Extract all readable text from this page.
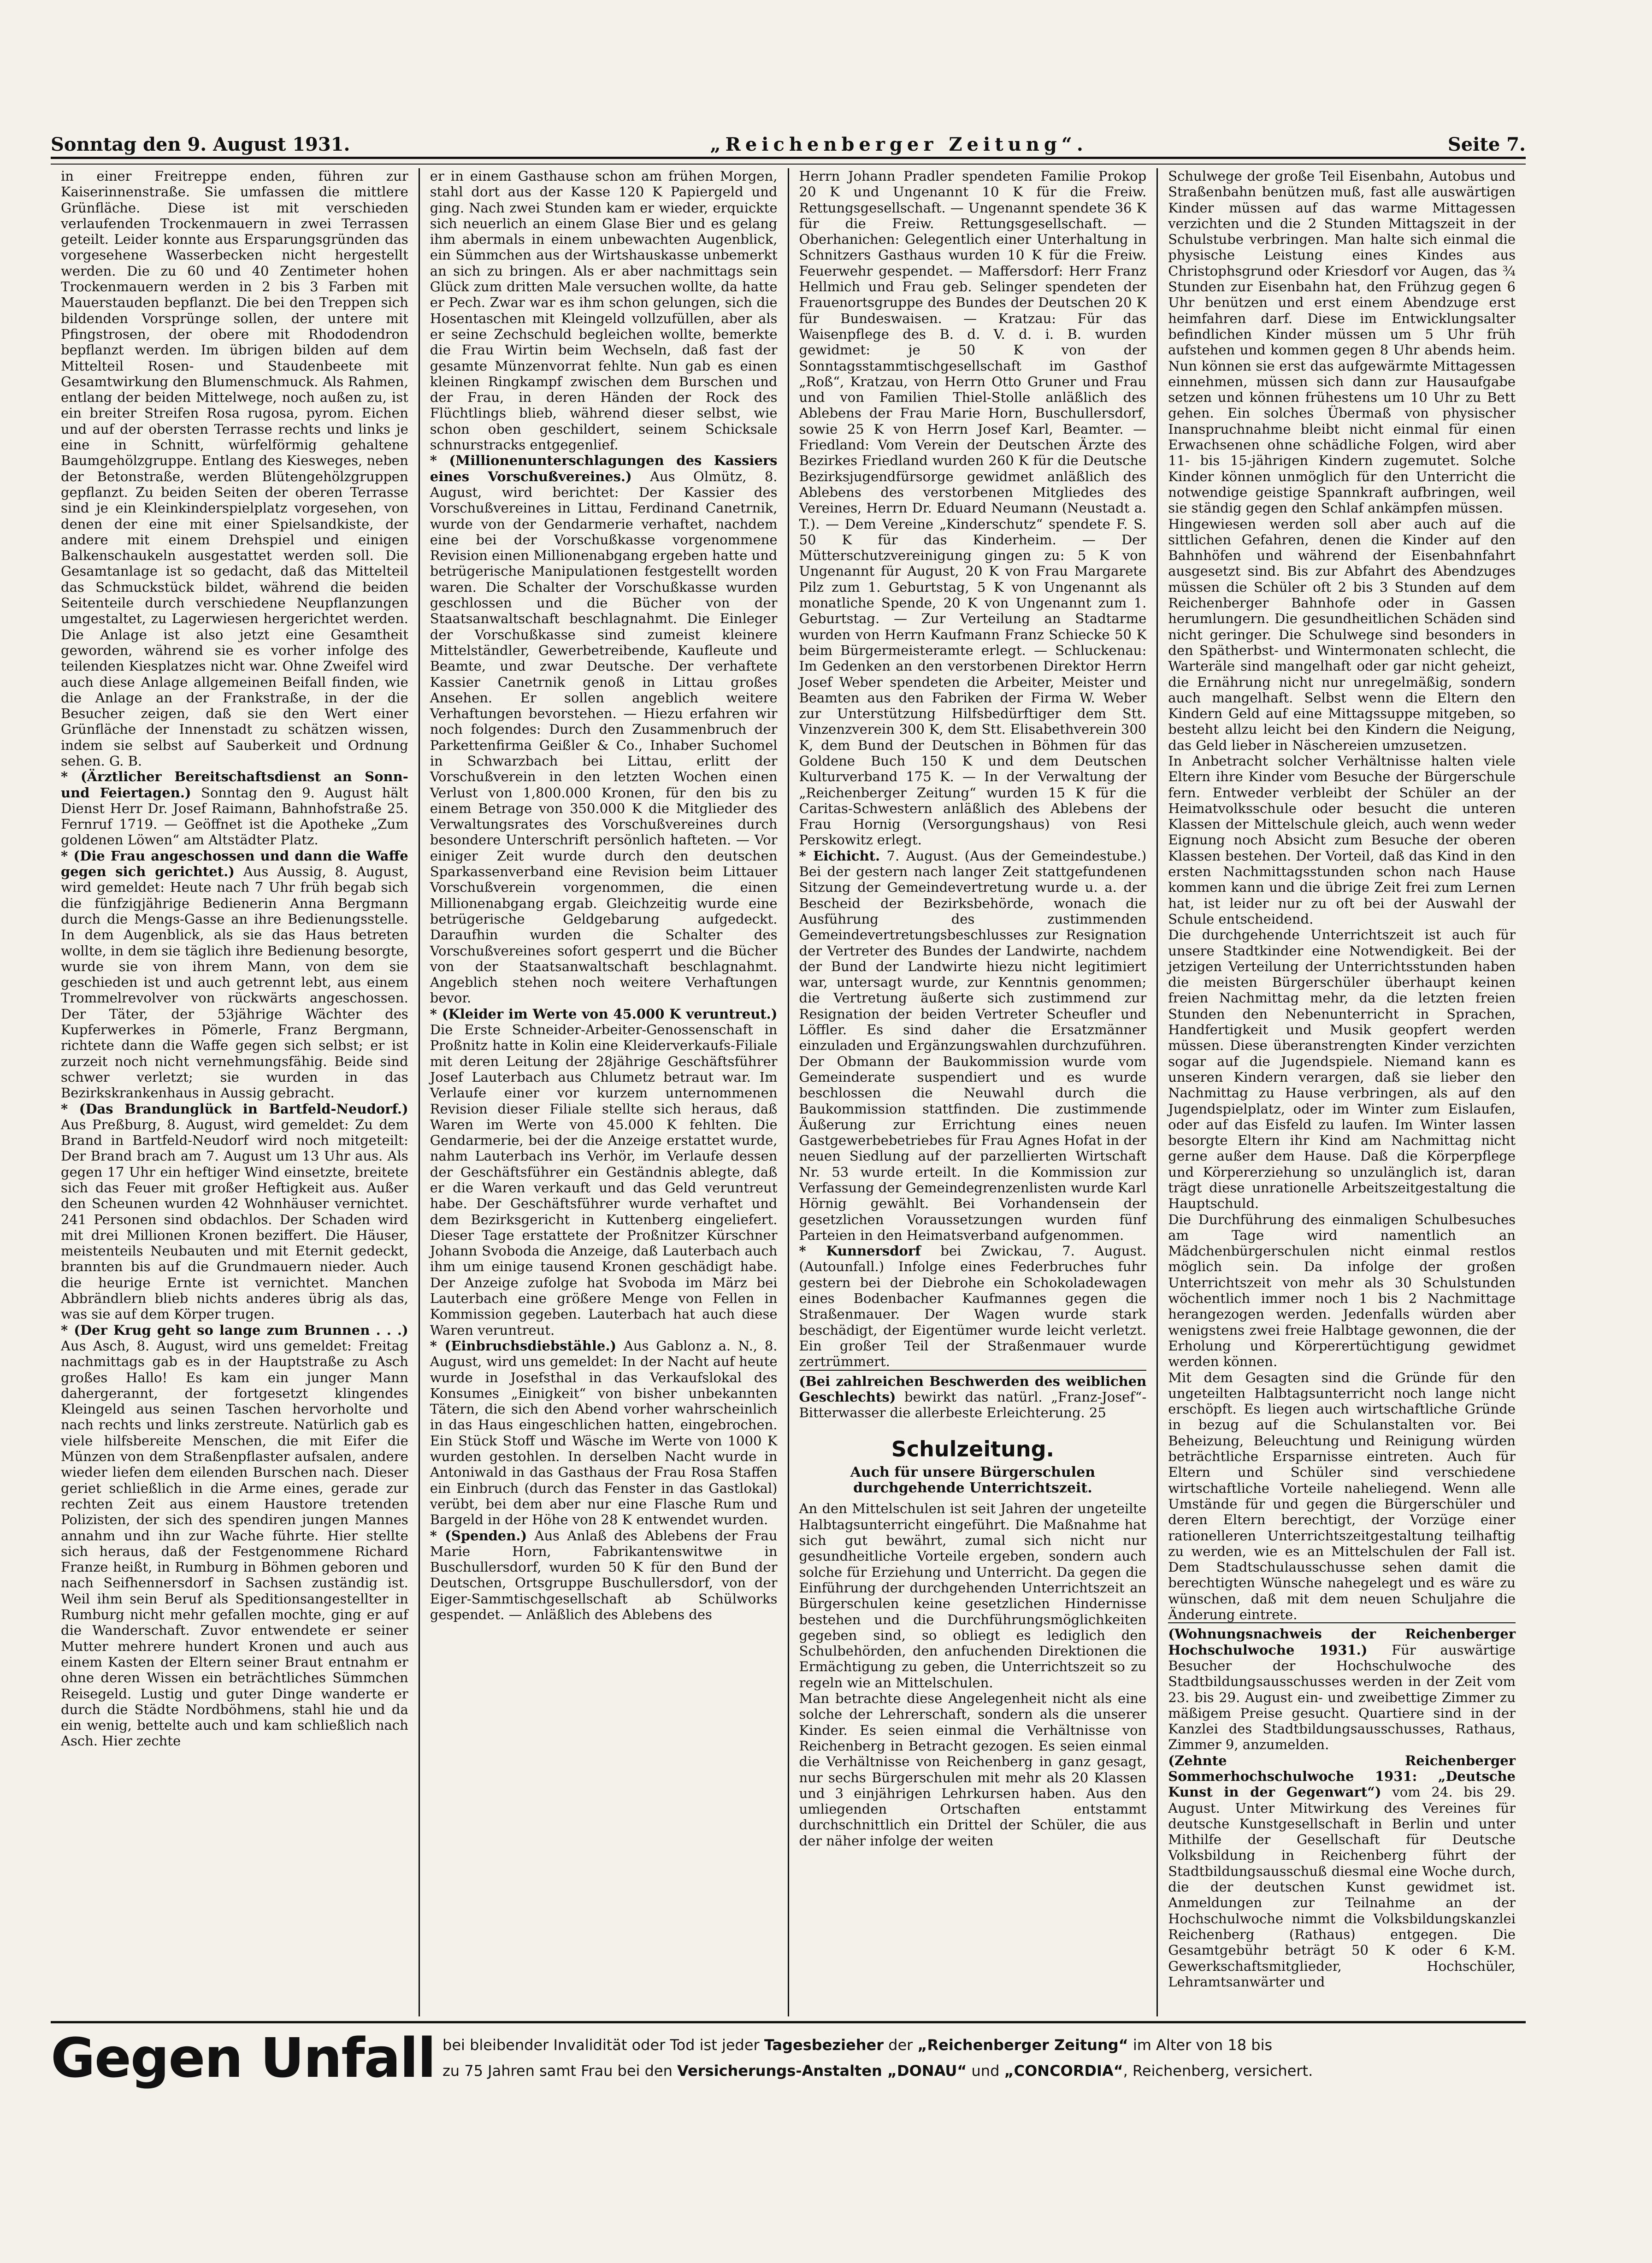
Sonntag den 9. August 1931.	„Reichenberger Zeitung“.	Seite 7.

in einer Freitreppe enden, führen zur Kaiserinnenstraße. Sie umfassen die mittlere Grünfläche. Diese ist mit verschieden verlaufenden Trockenmauern in zwei Terrassen geteilt. Leider konnte aus Ersparungsgründen das vorgesehene Wasserbecken nicht hergestellt werden. Die zu 60 und 40 Zentimeter hohen Trockenmauern werden in 2 bis 3 Farben mit Mauerstauden bepflanzt. Die bei den Treppen sich bildenden Vorsprünge sollen, der untere mit Pfingstrosen, der obere mit Rhododendron bepflanzt werden. Im übrigen bilden auf dem Mittelteil Rosen- und Staudenbeete mit Gesamtwirkung den Blumenschmuck. Als Rahmen, entlang der beiden Mittelwege, noch außen zu, ist ein breiter Streifen Rosa rugosa, pyrom. Eichen und auf der obersten Terrasse rechts und links je eine in Schnitt, würfelförmig gehaltene Baumgehölzgruppe. Entlang des Kiesweges, neben der Betonstraße, werden Blütengehölzgruppen gepflanzt. Zu beiden Seiten der oberen Terrasse sind je ein Kleinkinderspielplatz vorgesehen, von denen der eine mit einer Spielsandkiste, der andere mit einem Drehspiel und einigen Balkenschaukeln ausgestattet werden soll. Die Gesamtanlage ist so gedacht, daß das Mittelteil das Schmuckstück bildet, während die beiden Seitenteile durch verschiedene Neupflanzungen umgestaltet, zu Lagerwiesen hergerichtet werden. Die Anlage ist also jetzt eine Gesamtheit geworden, während sie es vorher infolge des teilenden Kiesplatzes nicht war. Ohne Zweifel wird auch diese Anlage allgemeinen Beifall finden, wie die Anlage an der Frankstraße, in der die Besucher zeigen, daß sie den Wert einer Grünfläche der Innenstadt zu schätzen wissen, indem sie selbst auf Sauberkeit und Ordnung sehen. G. B.

* (Ärztlicher Bereitschaftsdienst an Sonn- und Feiertagen.) Sonntag den 9. August hält Dienst Herr Dr. Josef Raimann, Bahnhofstraße 25. Fernruf 1719. — Geöffnet ist die Apotheke „Zum goldenen Löwen“ am Altstädter Platz.

* (Die Frau angeschossen und dann die Waffe gegen sich gerichtet.) Aus Aussig, 8. August, wird gemeldet: Heute nach 7 Uhr früh begab sich die fünfzigjährige Bedienerin Anna Bergmann durch die Mengs-Gasse an ihre Bedienungsstelle. In dem Augenblick, als sie das Haus betreten wollte, in dem sie täglich ihre Bedienung besorgte, wurde sie von ihrem Mann, von dem sie geschieden ist und auch getrennt lebt, aus einem Trommelrevolver von rückwärts angeschossen. Der Täter, der 53jährige Wächter des Kupferwerkes in Pömerle, Franz Bergmann, richtete dann die Waffe gegen sich selbst; er ist zurzeit noch nicht vernehmungsfähig. Beide sind schwer verletzt; sie wurden in das Bezirkskrankenhaus in Aussig gebracht.

* (Das Brandunglück in Bartfeld-Neudorf.) Aus Preßburg, 8. August, wird gemeldet: Zu dem Brand in Bartfeld-Neudorf wird noch mitgeteilt: Der Brand brach am 7. August um 13 Uhr aus. Als gegen 17 Uhr ein heftiger Wind einsetzte, breitete sich das Feuer mit großer Heftigkeit aus. Außer den Scheunen wurden 42 Wohnhäuser vernichtet. 241 Personen sind obdachlos. Der Schaden wird mit drei Millionen Kronen beziffert. Die Häuser, meistenteils Neubauten und mit Eternit gedeckt, brannten bis auf die Grundmauern nieder. Auch die heurige Ernte ist vernichtet. Manchen Abbrändlern blieb nichts anderes übrig als das, was sie auf dem Körper trugen.

* (Der Krug geht so lange zum Brunnen . . .) Aus Asch, 8. August, wird uns gemeldet: Freitag nachmittags gab es in der Hauptstraße zu Asch großes Hallo! Es kam ein junger Mann dahergerannt, der fortgesetzt klingendes Kleingeld aus seinen Taschen hervorholte und nach rechts und links zerstreute. Natürlich gab es viele hilfsbereite Menschen, die mit Eifer die Münzen von dem Straßenpflaster aufsalen, andere wieder liefen dem eilenden Burschen nach. Dieser geriet schließlich in die Arme eines, gerade zur rechten Zeit aus einem Haustore tretenden Polizisten, der sich des spendiren jungen Mannes annahm und ihn zur Wache führte. Hier stellte sich heraus, daß der Festgenommene Richard Franze heißt, in Rumburg in Böhmen geboren und nach Seifhennersdorf in Sachsen zuständig ist. Weil ihm sein Beruf als Speditionsangestellter in Rumburg nicht mehr gefallen mochte, ging er auf die Wanderschaft. Zuvor entwendete er seiner Mutter mehrere hundert Kronen und auch aus einem Kasten der Eltern seiner Braut entnahm er ohne deren Wissen ein beträchtliches Sümmchen Reisegeld. Lustig und guter Dinge wanderte er durch die Städte Nordböhmens, stahl hie und da ein wenig, bettelte auch und kam schließlich nach Asch. Hier zechte

er in einem Gasthause schon am frühen Morgen, stahl dort aus der Kasse 120 K Papiergeld und ging. Nach zwei Stunden kam er wieder, erquickte sich neuerlich an einem Glase Bier und es gelang ihm abermals in einem unbewachten Augenblick, ein Sümmchen aus der Wirtshauskasse unbemerkt an sich zu bringen. Als er aber nachmittags sein Glück zum dritten Male versuchen wollte, da hatte er Pech. Zwar war es ihm schon gelungen, sich die Hosentaschen mit Kleingeld vollzufüllen, aber als er seine Zechschuld begleichen wollte, bemerkte die Frau Wirtin beim Wechseln, daß fast der gesamte Münzenvorrat fehlte. Nun gab es einen kleinen Ringkampf zwischen dem Burschen und der Frau, in deren Händen der Rock des Flüchtlings blieb, während dieser selbst, wie schon oben geschildert, seinem Schicksale schnurstracks entgegenlief.

* (Millionenunterschlagungen des Kassiers eines Vorschußvereines.) Aus Olmütz, 8. August, wird berichtet: Der Kassier des Vorschußvereines in Littau, Ferdinand Canetrnik, wurde von der Gendarmerie verhaftet, nachdem eine bei der Vorschußkasse vorgenommene Revision einen Millionenabgang ergeben hatte und betrügerische Manipulationen festgestellt worden waren. Die Schalter der Vorschußkasse wurden geschlossen und die Bücher von der Staatsanwaltschaft beschlagnahmt. Die Einleger der Vorschußkasse sind zumeist kleinere Mittelständler, Gewerbetreibende, Kaufleute und Beamte, und zwar Deutsche. Der verhaftete Kassier Canetrnik genoß in Littau großes Ansehen. Er sollen angeblich weitere Verhaftungen bevorstehen. — Hiezu erfahren wir noch folgendes: Durch den Zusammenbruch der Parkettenfirma Geißler & Co., Inhaber Suchomel in Schwarzbach bei Littau, erlitt der Vorschußverein in den letzten Wochen einen Verlust von 1,800.000 Kronen, für den bis zu einem Betrage von 350.000 K die Mitglieder des Verwaltungsrates des Vorschußvereines durch besondere Unterschrift persönlich hafteten. — Vor einiger Zeit wurde durch den deutschen Sparkassenverband eine Revision beim Littauer Vorschußverein vorgenommen, die einen Millionenabgang ergab. Gleichzeitig wurde eine betrügerische Geldgebarung aufgedeckt. Daraufhin wurden die Schalter des Vorschußvereines sofort gesperrt und die Bücher von der Staatsanwaltschaft beschlagnahmt. Angeblich stehen noch weitere Verhaftungen bevor.

* (Kleider im Werte von 45.000 K veruntreut.) Die Erste Schneider-Arbeiter-Genossenschaft in Proßnitz hatte in Kolin eine Kleiderverkaufs-Filiale mit deren Leitung der 28jährige Geschäftsführer Josef Lauterbach aus Chlumetz betraut war. Im Verlaufe einer vor kurzem unternommenen Revision dieser Filiale stellte sich heraus, daß Waren im Werte von 45.000 K fehlten. Die Gendarmerie, bei der die Anzeige erstattet wurde, nahm Lauterbach ins Verhör, im Verlaufe dessen der Geschäftsführer ein Geständnis ablegte, daß er die Waren verkauft und das Geld veruntreut habe. Der Geschäftsführer wurde verhaftet und dem Bezirksgericht in Kuttenberg eingeliefert. Dieser Tage erstattete der Proßnitzer Kürschner Johann Svoboda die Anzeige, daß Lauterbach auch ihm um einige tausend Kronen geschädigt habe. Der Anzeige zufolge hat Svoboda im März bei Lauterbach eine größere Menge von Fellen in Kommission gegeben. Lauterbach hat auch diese Waren veruntreut.

* (Einbruchsdiebstähle.) Aus Gablonz a. N., 8. August, wird uns gemeldet: In der Nacht auf heute wurde in Josefsthal in das Verkaufslokal des Konsumes „Einigkeit“ von bisher unbekannten Tätern, die sich den Abend vorher wahrscheinlich in das Haus eingeschlichen hatten, eingebrochen. Ein Stück Stoff und Wäsche im Werte von 1000 K wurden gestohlen. In derselben Nacht wurde in Antoniwald in das Gasthaus der Frau Rosa Staffen ein Einbruch (durch das Fenster in das Gastlokal) verübt, bei dem aber nur eine Flasche Rum und Bargeld in der Höhe von 28 K entwendet wurden.

* (Spenden.) Aus Anlaß des Ablebens der Frau Marie Horn, Fabrikantenswitwe in Buschullersdorf, wurden 50 K für den Bund der Deutschen, Ortsgruppe Buschullersdorf, von der Eiger-Sammtischgesellschaft ab Schülworks gespendet. — Anläßlich des Ablebens des

Herrn Johann Pradler spendeten Familie Prokop 20 K und Ungenannt 10 K für die Freiw. Rettungsgesellschaft. — Ungenannt spendete 36 K für die Freiw. Rettungsgesellschaft. — Oberhanichen: Gelegentlich einer Unterhaltung in Schnitzers Gasthaus wurden 10 K für die Freiw. Feuerwehr gespendet. — Maffersdorf: Herr Franz Hellmich und Frau geb. Selinger spendeten der Frauenortsgruppe des Bundes der Deutschen 20 K für Bundeswaisen. — Kratzau: Für das Waisenpflege des B. d. V. d. i. B. wurden gewidmet: je 50 K von der Sonntagsstammtischgesellschaft im Gasthof „Roß“, Kratzau, von Herrn Otto Gruner und Frau und von Familien Thiel-Stolle anläßlich des Ablebens der Frau Marie Horn, Buschullersdorf, sowie 25 K von Herrn Josef Karl, Beamter. — Friedland: Vom Verein der Deutschen Ärzte des Bezirkes Friedland wurden 260 K für die Deutsche Bezirksjugendfürsorge gewidmet anläßlich des Ablebens des verstorbenen Mitgliedes des Vereines, Herrn Dr. Eduard Neumann (Neustadt a. T.). — Dem Vereine „Kinderschutz“ spendete F. S. 50 K für das Kinderheim. — Der Mütterschutzvereinigung gingen zu: 5 K von Ungenannt für August, 20 K von Frau Margarete Pilz zum 1. Geburtstag, 5 K von Ungenannt als monatliche Spende, 20 K von Ungenannt zum 1. Geburtstag. — Zur Verteilung an Stadtarme wurden von Herrn Kaufmann Franz Schiecke 50 K beim Bürgermeisteramte erlegt. — Schluckenau: Im Gedenken an den verstorbenen Direktor Herrn Josef Weber spendeten die Arbeiter, Meister und Beamten aus den Fabriken der Firma W. Weber zur Unterstützung Hilfsbedürftiger dem Stt. Vinzenzverein 300 K, dem Stt. Elisabethverein 300 K, dem Bund der Deutschen in Böhmen für das Goldene Buch 150 K und dem Deutschen Kulturverband 175 K. — In der Verwaltung der „Reichenberger Zeitung“ wurden 15 K für die Caritas-Schwestern anläßlich des Ablebens der Frau Hornig (Versorgungshaus) von Resi Perskowitz erlegt.

* Eichicht. 7. August. (Aus der Gemeindestube.) Bei der gestern nach langer Zeit stattgefundenen Sitzung der Gemeindevertretung wurde u. a. der Bescheid der Bezirksbehörde, wonach die Ausführung des zustimmenden Gemeindevertretungsbeschlusses zur Resignation der Vertreter des Bundes der Landwirte, nachdem der Bund der Landwirte hiezu nicht legitimiert war, untersagt wurde, zur Kenntnis genommen; die Vertretung äußerte sich zustimmend zur Resignation der beiden Vertreter Scheufler und Löffler. Es sind daher die Ersatzmänner einzuladen und Ergänzungswahlen durchzuführen. Der Obmann der Baukommission wurde vom Gemeinderate suspendiert und es wurde beschlossen die Neuwahl durch die Baukommission stattfinden. Die zustimmende Äußerung zur Errichtung eines neuen Gastgewerbebetriebes für Frau Agnes Hofat in der neuen Siedlung auf der parzellierten Wirtschaft Nr. 53 wurde erteilt. In die Kommission zur Verfassung der Gemeindegrenzenlisten wurde Karl Hörnig gewählt. Bei Vorhandensein der gesetzlichen Voraussetzungen wurden fünf Parteien in den Heimatsverband aufgenommen.

* Kunnersdorf bei Zwickau, 7. August. (Autounfall.) Infolge eines Federbruches fuhr gestern bei der Diebrohe ein Schokoladewagen eines Bodenbacher Kaufmannes gegen die Straßenmauer. Der Wagen wurde stark beschädigt, der Eigentümer wurde leicht verletzt. Ein großer Teil der Straßenmauer wurde zertrümmert.

(Bei zahlreichen Beschwerden des weiblichen Geschlechts) bewirkt das natürl. „Franz-Josef“-Bitterwasser die allerbeste Erleichterung. 25

Schulzeitung.
Auch für unsere Bürgerschulen durchgehende Unterrichtszeit.

An den Mittelschulen ist seit Jahren der ungeteilte Halbtagsunterricht eingeführt. Die Maßnahme hat sich gut bewährt, zumal sich nicht nur gesundheitliche Vorteile ergeben, sondern auch solche für Erziehung und Unterricht. Da gegen die Einführung der durchgehenden Unterrichtszeit an Bürgerschulen keine gesetzlichen Hindernisse bestehen und die Durchführungsmöglichkeiten gegeben sind, so obliegt es lediglich den Schulbehörden, den anfuchenden Direktionen die Ermächtigung zu geben, die Unterrichtszeit so zu regeln wie an Mittelschulen.

Man betrachte diese Angelegenheit nicht als eine solche der Lehrerschaft, sondern als die unserer Kinder. Es seien einmal die Verhältnisse von Reichenberg in Betracht gezogen. Es seien einmal die Verhältnisse von Reichenberg in ganz gesagt, nur sechs Bürgerschulen mit mehr als 20 Klassen und 3 einjährigen Lehrkursen haben. Aus den umliegenden Ortschaften entstammt durchschnittlich ein Drittel der Schüler, die aus der näher infolge der weiten

Schulwege der große Teil Eisenbahn, Autobus und Straßenbahn benützen muß, fast alle auswärtigen Kinder müssen auf das warme Mittagessen verzichten und die 2 Stunden Mittagszeit in der Schulstube verbringen. Man halte sich einmal die physische Leistung eines Kindes aus Christophsgrund oder Kriesdorf vor Augen, das ¾ Stunden zur Eisenbahn hat, den Frühzug gegen 6 Uhr benützen und erst einem Abendzuge erst heimfahren darf. Diese im Entwicklungsalter befindlichen Kinder müssen um 5 Uhr früh aufstehen und kommen gegen 8 Uhr abends heim. Nun können sie erst das aufgewärmte Mittagessen einnehmen, müssen sich dann zur Hausaufgabe setzen und können frühestens um 10 Uhr zu Bett gehen. Ein solches Übermaß von physischer Inanspruchnahme bleibt nicht einmal für einen Erwachsenen ohne schädliche Folgen, wird aber 11- bis 15-jährigen Kindern zugemutet. Solche Kinder können unmöglich für den Unterricht die notwendige geistige Spannkraft aufbringen, weil sie ständig gegen den Schlaf ankämpfen müssen.

Hingewiesen werden soll aber auch auf die sittlichen Gefahren, denen die Kinder auf den Bahnhöfen und während der Eisenbahnfahrt ausgesetzt sind. Bis zur Abfahrt des Abendzuges müssen die Schüler oft 2 bis 3 Stunden auf dem Reichenberger Bahnhofe oder in Gassen herumlungern. Die gesundheitlichen Schäden sind nicht geringer. Die Schulwege sind besonders in den Spätherbst- und Wintermonaten schlecht, die Warteräle sind mangelhaft oder gar nicht geheizt, die Ernährung nicht nur unregelmäßig, sondern auch mangelhaft. Selbst wenn die Eltern den Kindern Geld auf eine Mittagssuppe mitgeben, so besteht allzu leicht bei den Kindern die Neigung, das Geld lieber in Näschereien umzusetzen.

In Anbetracht solcher Verhältnisse halten viele Eltern ihre Kinder vom Besuche der Bürgerschule fern. Entweder verbleibt der Schüler an der Heimatvolksschule oder besucht die unteren Klassen der Mittelschule gleich, auch wenn weder Eignung noch Absicht zum Besuche der oberen Klassen bestehen. Der Vorteil, daß das Kind in den ersten Nachmittagsstunden schon nach Hause kommen kann und die übrige Zeit frei zum Lernen hat, ist leider nur zu oft bei der Auswahl der Schule entscheidend.

Die durchgehende Unterrichtszeit ist auch für unsere Stadtkinder eine Notwendigkeit. Bei der jetzigen Verteilung der Unterrichtsstunden haben die meisten Bürgerschüler überhaupt keinen freien Nachmittag mehr, da die letzten freien Stunden den Nebenunterricht in Sprachen, Handfertigkeit und Musik geopfert werden müssen. Diese überanstrengten Kinder verzichten sogar auf die Jugendspiele. Niemand kann es unseren Kindern verargen, daß sie lieber den Nachmittag zu Hause verbringen, als auf den Jugendspielplatz, oder im Winter zum Eislaufen, oder auf das Eisfeld zu laufen. Im Winter lassen besorgte Eltern ihr Kind am Nachmittag nicht gerne außer dem Hause. Daß die Körperpflege und Körpererziehung so unzulänglich ist, daran trägt diese unrationelle Arbeitszeitgestaltung die Hauptschuld.

Die Durchführung des einmaligen Schulbesuches am Tage wird namentlich an Mädchenbürgerschulen nicht einmal restlos möglich sein. Da infolge der großen Unterrichtszeit von mehr als 30 Schulstunden wöchentlich immer noch 1 bis 2 Nachmittage herangezogen werden. Jedenfalls würden aber wenigstens zwei freie Halbtage gewonnen, die der Erholung und Körperertüchtigung gewidmet werden können.

Mit dem Gesagten sind die Gründe für den ungeteilten Halbtagsunterricht noch lange nicht erschöpft. Es liegen auch wirtschaftliche Gründe in bezug auf die Schulanstalten vor. Bei Beheizung, Beleuchtung und Reinigung würden beträchtliche Ersparnisse eintreten. Auch für Eltern und Schüler sind verschiedene wirtschaftliche Vorteile naheliegend. Wenn alle Umstände für und gegen die Bürgerschüler und deren Eltern berechtigt, der Vorzüge einer rationelleren Unterrichtszeitgestaltung teilhaftig zu werden, wie es an Mittelschulen der Fall ist. Dem Stadtschulausschusse sehen damit die berechtigten Wünsche nahegelegt und es wäre zu wünschen, daß mit dem neuen Schuljahre die Änderung eintrete.

(Wohnungsnachweis der Reichenberger Hochschulwoche 1931.) Für auswärtige Besucher der Hochschulwoche des Stadtbildungsausschusses werden in der Zeit vom 23. bis 29. August ein- und zweibettige Zimmer zu mäßigem Preise gesucht. Quartiere sind in der Kanzlei des Stadtbildungsausschusses, Rathaus, Zimmer 9, anzumelden.

(Zehnte Reichenberger Sommerhochschulwoche 1931: „Deutsche Kunst in der Gegenwart“) vom 24. bis 29. August. Unter Mitwirkung des Vereines für deutsche Kunstgesellschaft in Berlin und unter Mithilfe der Gesellschaft für Deutsche Volksbildung in Reichenberg führt der Stadtbildungsausschuß diesmal eine Woche durch, die der deutschen Kunst gewidmet ist. Anmeldungen zur Teilnahme an der Hochschulwoche nimmt die Volksbildungskanzlei Reichenberg (Rathaus) entgegen. Die Gesamtgebühr beträgt 50 K oder 6 K-M. Gewerkschaftsmitglieder, Hochschüler, Lehramtsanwärter und

Gegen Unfall bei bleibender Invalidität oder Tod ist jeder Tagesbezieher der „Reichenberger Zeitung“ im Alter von 18 bis
zu 75 Jahren samt Frau bei den Versicherungs-Anstalten „DONAU“ und „CONCORDIA“, Reichenberg, versichert.
